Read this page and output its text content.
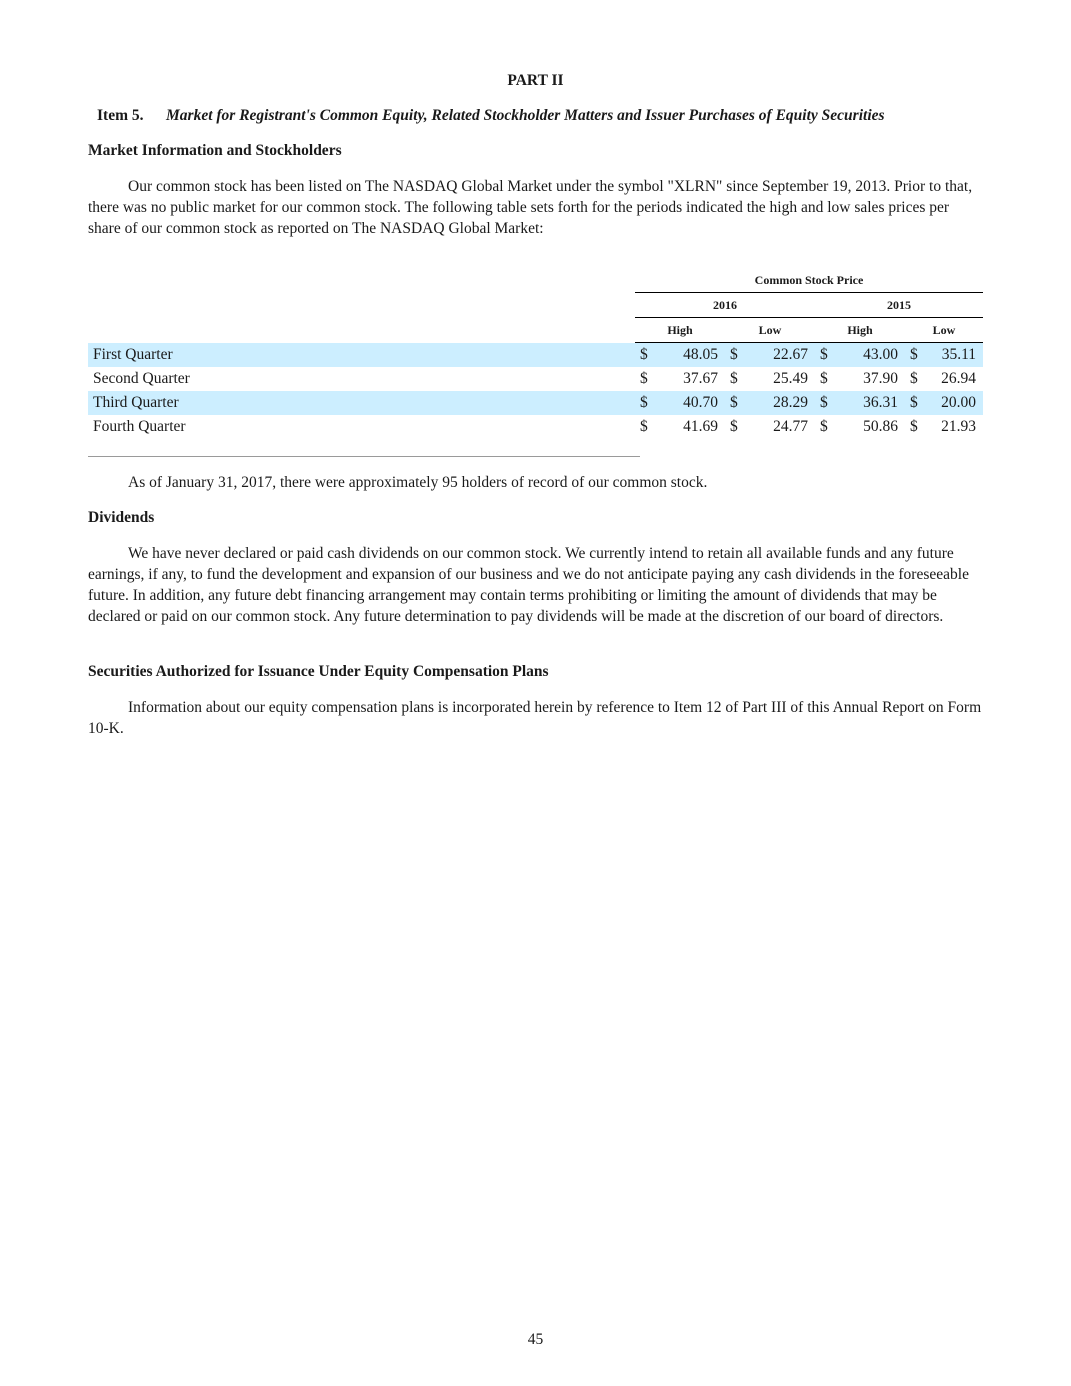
PART II
Item 5. Market for Registrant's Common Equity, Related Stockholder Matters and Issuer Purchases of Equity Securities
Market Information and Stockholders

Our common stock has been listed on The NASDAQ Global Market under the symbol "XLRN" since September 19, 2013. Prior to that, there was no public market for our common stock. The following table sets forth for the periods indicated the high and low sales prices per share of our common stock as reported on The NASDAQ Global Market:

	Common Stock Price							
	2016				2015			
	High		Low		High		Low	
First Quarter	$	48.05	$	22.67	$	43.00	$	35.11
Second Quarter	$	37.67	$	25.49	$	37.90	$	26.94
Third Quarter	$	40.70	$	28.29	$	36.31	$	20.00
Fourth Quarter	$	41.69	$	24.77	$	50.86	$	21.93
As of January 31, 2017, there were approximately 95 holders of record of our common stock.
Dividends

We have never declared or paid cash dividends on our common stock. We currently intend to retain all available funds and any future earnings, if any, to fund the development and expansion of our business and we do not anticipate paying any cash dividends in the foreseeable future. In addition, any future debt financing arrangement may contain terms prohibiting or limiting the amount of dividends that may be declared or paid on our common stock. Any future determination to pay dividends will be made at the discretion of our board of directors.

Securities Authorized for Issuance Under Equity Compensation Plans

Information about our equity compensation plans is incorporated herein by reference to Item 12 of Part III of this Annual Report on Form 10-K.

45
